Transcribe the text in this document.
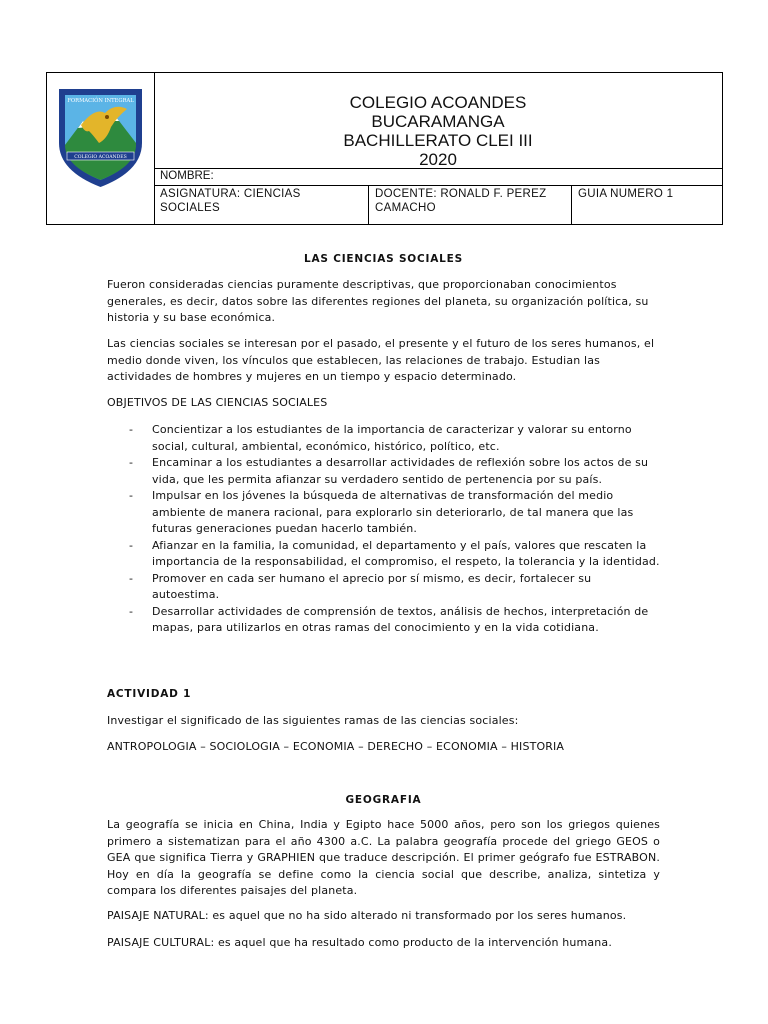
FORMACIÓN INTEGRAL
COLEGIO ACOANDES
COLEGIO ACOANDES
BUCARAMANGA
BACHILLERATO CLEI III
2020
NOMBRE:
ASIGNATURA: CIENCIAS SOCIALES
DOCENTE: RONALD F. PEREZ CAMACHO
GUIA NUMERO 1
LAS CIENCIAS SOCIALES

Fueron consideradas ciencias puramente descriptivas, que proporcionaban conocimientos generales, es decir, datos sobre las diferentes regiones del planeta, su organización política, su historia y su base económica.

Las ciencias sociales se interesan por el pasado, el presente y el futuro de los seres humanos, el medio donde viven, los vínculos que establecen, las relaciones de trabajo. Estudian las actividades de hombres y mujeres en un tiempo y espacio determinado.

OBJETIVOS DE LAS CIENCIAS SOCIALES
- Concientizar a los estudiantes de la importancia de caracterizar y valorar su entorno social, cultural, ambiental, económico, histórico, político, etc.
- Encaminar a los estudiantes a desarrollar actividades de reflexión sobre los actos de su vida, que les permita afianzar su verdadero sentido de pertenencia por su país.
- Impulsar en los jóvenes la búsqueda de alternativas de transformación del medio ambiente de manera racional, para explorarlo sin deteriorarlo, de tal manera que las futuras generaciones puedan hacerlo también.
- Afianzar en la familia, la comunidad, el departamento y el país, valores que rescaten la importancia de la responsabilidad, el compromiso, el respeto, la tolerancia y la identidad.
- Promover en cada ser humano el aprecio por sí mismo, es decir, fortalecer su autoestima.
- Desarrollar actividades de comprensión de textos, análisis de hechos, interpretación de mapas, para utilizarlos en otras ramas del conocimiento y en la vida cotidiana.
ACTIVIDAD 1

Investigar el significado de las siguientes ramas de las ciencias sociales:

ANTROPOLOGIA – SOCIOLOGIA – ECONOMIA – DERECHO – ECONOMIA – HISTORIA

GEOGRAFIA

La geografía se inicia en China, India y Egipto hace 5000 años, pero son los griegos quienes primero a sistematizan para el año 4300 a.C. La palabra geografía procede del griego GEOS o GEA que significa Tierra y GRAPHIEN que traduce descripción. El primer geógrafo fue ESTRABON. Hoy en día la geografía se define como la ciencia social que describe, analiza, sintetiza y compara los diferentes paisajes del planeta.

PAISAJE NATURAL: es aquel que no ha sido alterado ni transformado por los seres humanos.

PAISAJE CULTURAL: es aquel que ha resultado como producto de la intervención humana.
